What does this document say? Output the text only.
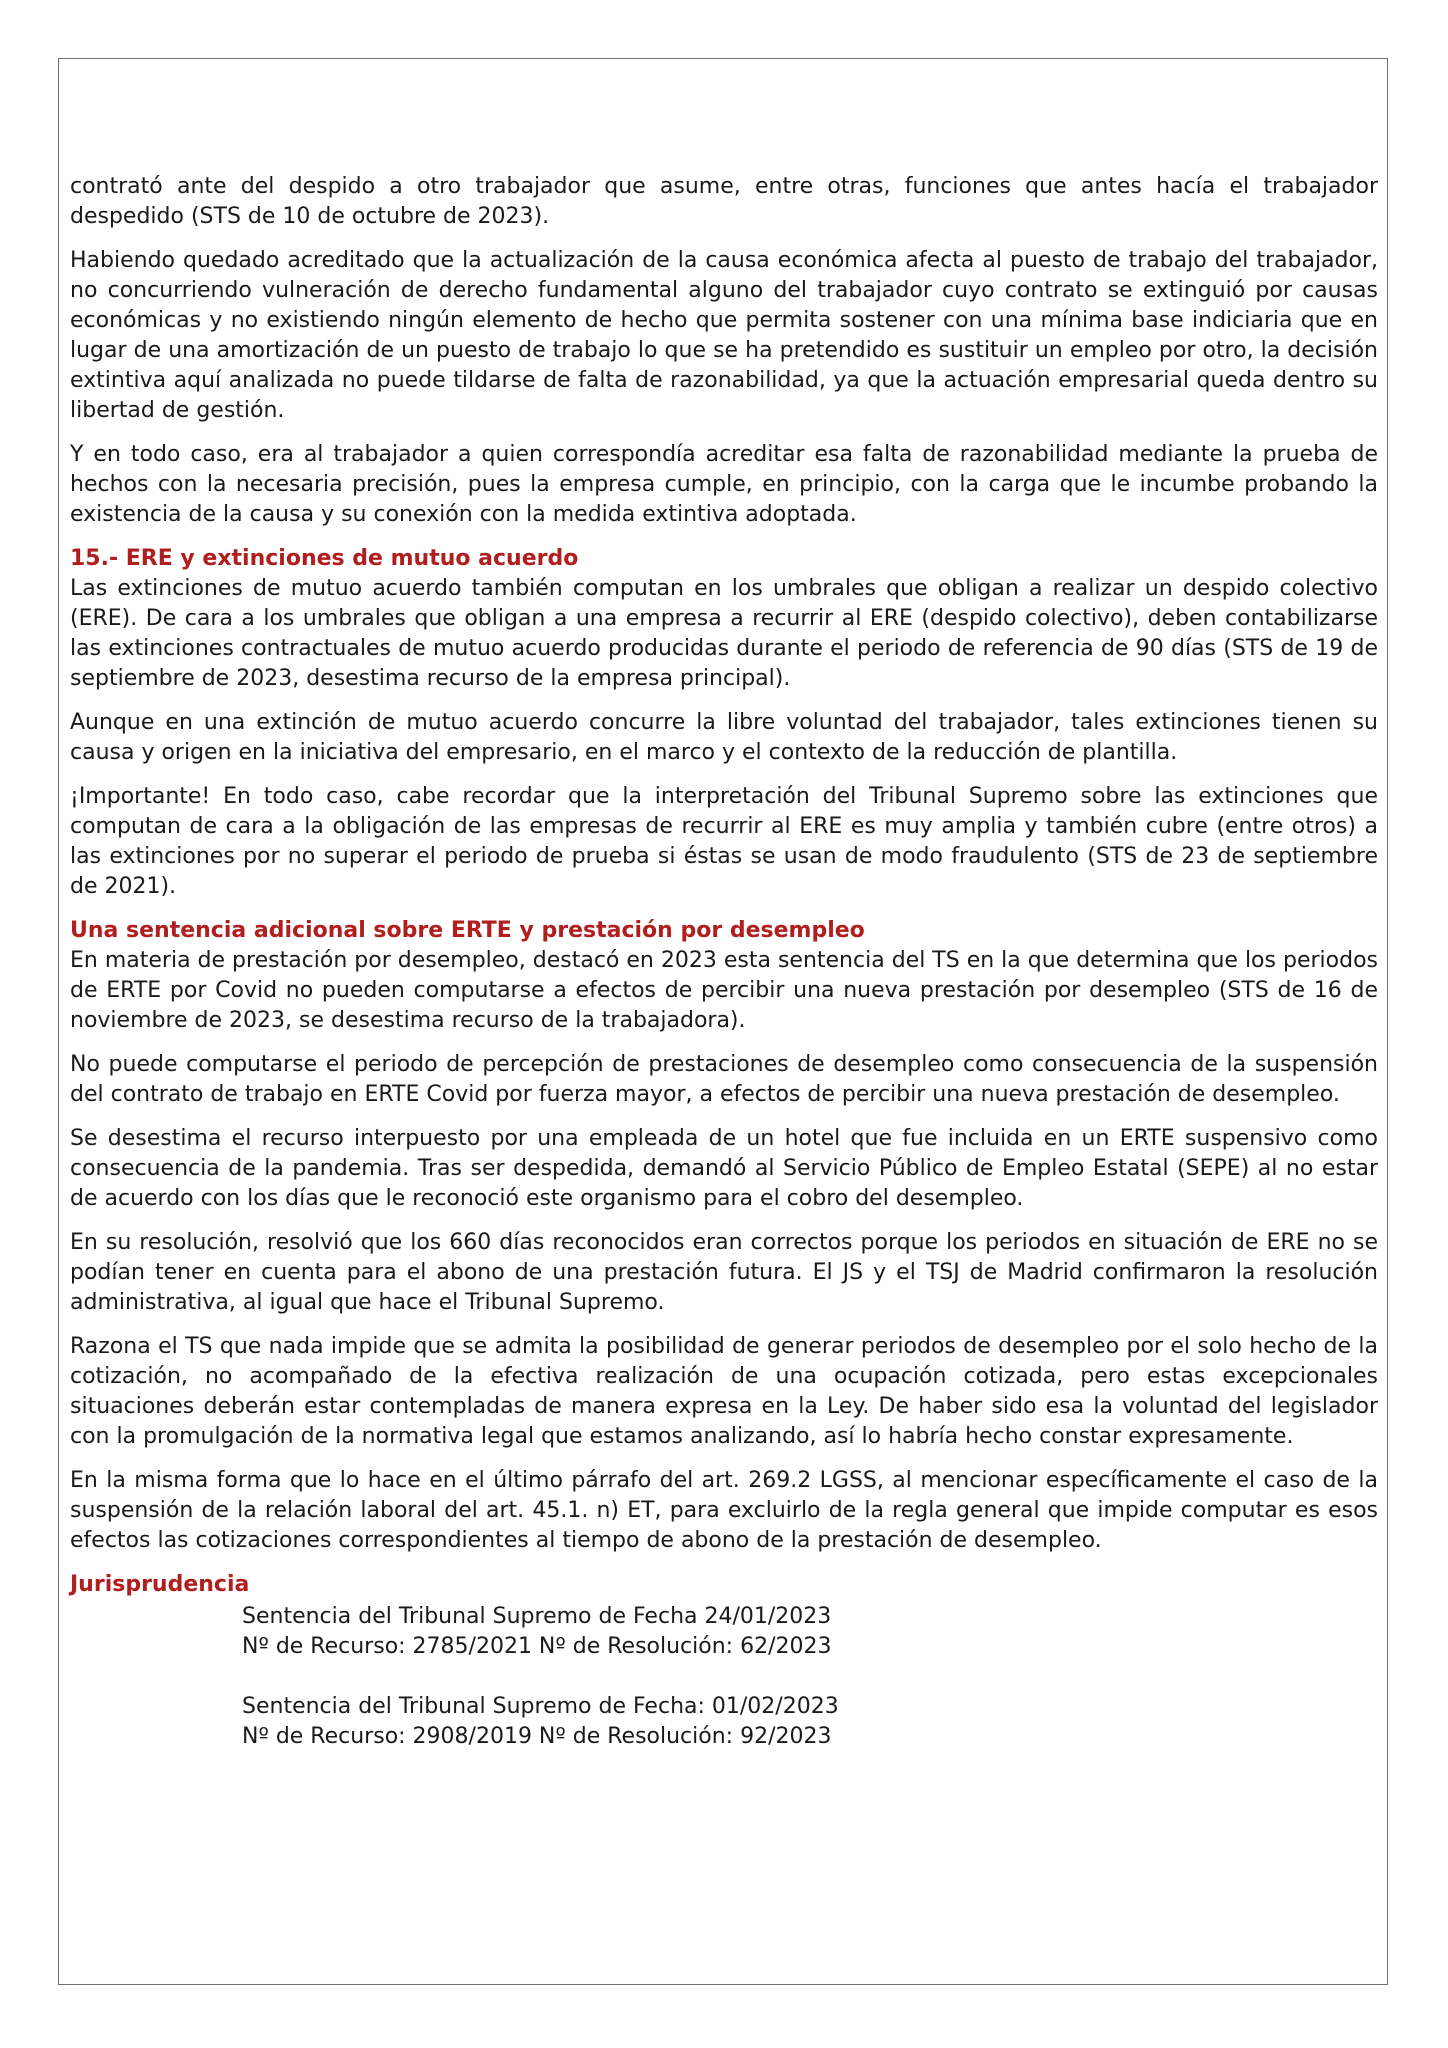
contrató ante del despido a otro trabajador que asume, entre otras, funciones que antes hacía el trabajador despedido (STS de 10 de octubre de 2023).

Habiendo quedado acreditado que la actualización de la causa económica afecta al puesto de trabajo del trabajador, no concurriendo vulneración de derecho fundamental alguno del trabajador cuyo contrato se extinguió por causas económicas y no existiendo ningún elemento de hecho que permita sostener con una mínima base indiciaria que en lugar de una amortización de un puesto de trabajo lo que se ha pretendido es sustituir un empleo por otro, la decisión extintiva aquí analizada no puede tildarse de falta de razonabilidad, ya que la actuación empresarial queda dentro su libertad de gestión.

Y en todo caso, era al trabajador a quien correspondía acreditar esa falta de razonabilidad mediante la prueba de hechos con la necesaria precisión, pues la empresa cumple, en principio, con la carga que le incumbe probando la existencia de la causa y su conexión con la medida extintiva adoptada.

15.- ERE y extinciones de mutuo acuerdo

Las extinciones de mutuo acuerdo también computan en los umbrales que obligan a realizar un despido colectivo (ERE). De cara a los umbrales que obligan a una empresa a recurrir al ERE (despido colectivo), deben contabilizarse las extinciones contractuales de mutuo acuerdo producidas durante el periodo de referencia de 90 días (STS de 19 de septiembre de 2023, desestima recurso de la empresa principal).

Aunque en una extinción de mutuo acuerdo concurre la libre voluntad del trabajador, tales extinciones tienen su causa y origen en la iniciativa del empresario, en el marco y el contexto de la reducción de plantilla.

¡Importante! En todo caso, cabe recordar que la interpretación del Tribunal Supremo sobre las extinciones que computan de cara a la obligación de las empresas de recurrir al ERE es muy amplia y también cubre (entre otros) a las extinciones por no superar el periodo de prueba si éstas se usan de modo fraudulento (STS de 23 de septiembre de 2021).

Una sentencia adicional sobre ERTE y prestación por desempleo

En materia de prestación por desempleo, destacó en 2023 esta sentencia del TS en la que determina que los periodos de ERTE por Covid no pueden computarse a efectos de percibir una nueva prestación por desempleo (STS de 16 de noviembre de 2023, se desestima recurso de la trabajadora).

No puede computarse el periodo de percepción de prestaciones de desempleo como consecuencia de la suspensión del contrato de trabajo en ERTE Covid por fuerza mayor, a efectos de percibir una nueva prestación de desempleo.

Se desestima el recurso interpuesto por una empleada de un hotel que fue incluida en un ERTE suspensivo como consecuencia de la pandemia. Tras ser despedida, demandó al Servicio Público de Empleo Estatal (SEPE) al no estar de acuerdo con los días que le reconoció este organismo para el cobro del desempleo.

En su resolución, resolvió que los 660 días reconocidos eran correctos porque los periodos en situación de ERE no se podían tener en cuenta para el abono de una prestación futura. El JS y el TSJ de Madrid confirmaron la resolución administrativa, al igual que hace el Tribunal Supremo.

Razona el TS que nada impide que se admita la posibilidad de generar periodos de desempleo por el solo hecho de la cotización, no acompañado de la efectiva realización de una ocupación cotizada, pero estas excepcionales situaciones deberán estar contempladas de manera expresa en la Ley. De haber sido esa la voluntad del legislador con la promulgación de la normativa legal que estamos analizando, así lo habría hecho constar expresamente.

En la misma forma que lo hace en el último párrafo del art. 269.2 LGSS, al mencionar específicamente el caso de la suspensión de la relación laboral del art. 45.1. n) ET, para excluirlo de la regla general que impide computar es esos efectos las cotizaciones correspondientes al tiempo de abono de la prestación de desempleo.

Jurisprudencia
Sentencia del Tribunal Supremo de Fecha 24/01/2023
Nº de Recurso: 2785/2021 Nº de Resolución: 62/2023
Sentencia del Tribunal Supremo de Fecha: 01/02/2023
Nº de Recurso: 2908/2019 Nº de Resolución: 92/2023
